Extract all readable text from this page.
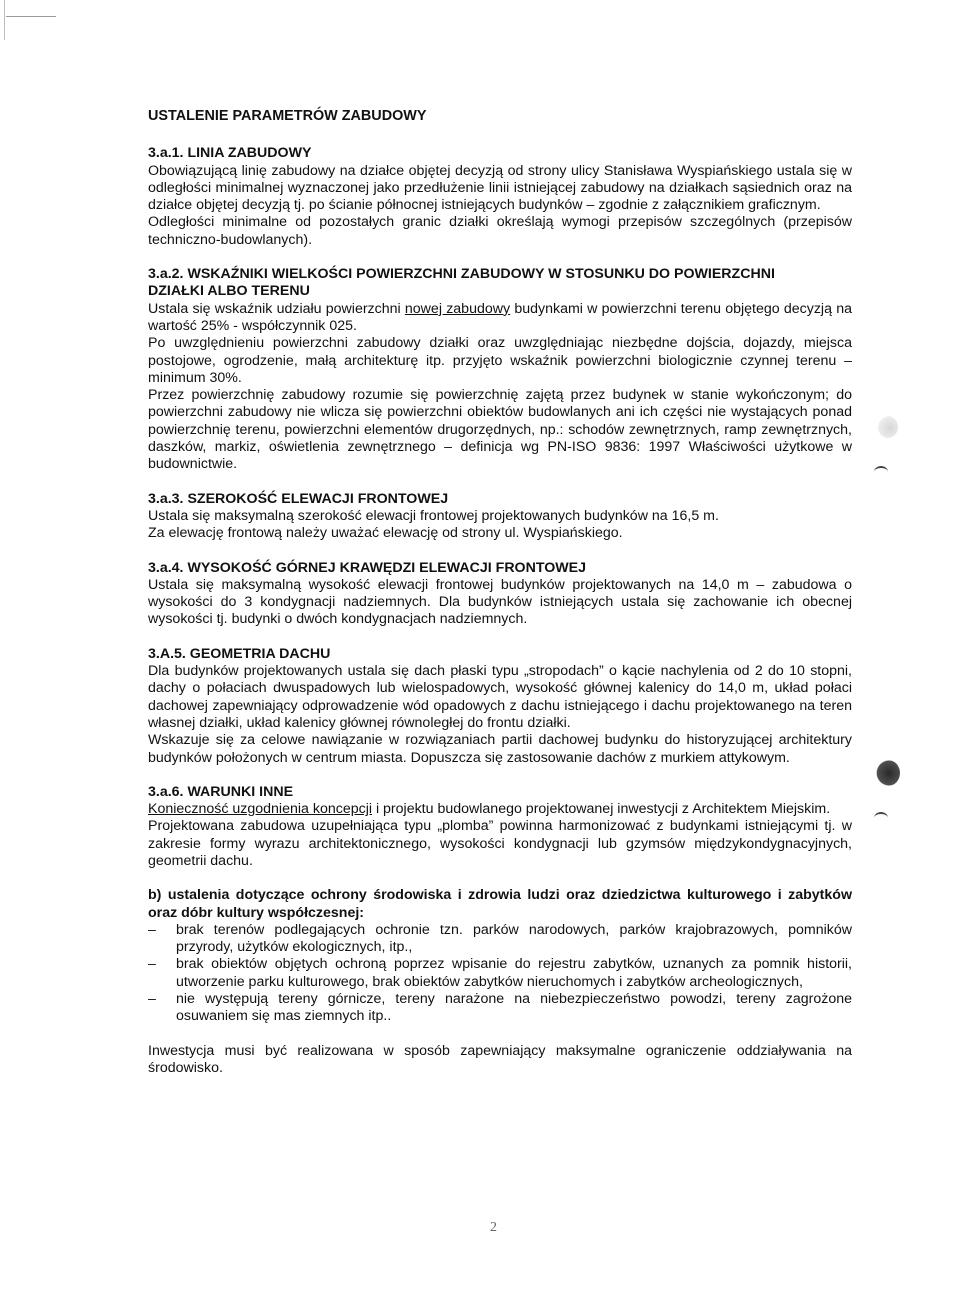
USTALENIE PARAMETRÓW ZABUDOWY

3.a.1. LINIA ZABUDOWY

Obowiązującą linię zabudowy na działce objętej decyzją od strony ulicy Stanisława Wyspiańskiego ustala się w odległości minimalnej wyznaczonej jako przedłużenie linii istniejącej zabudowy na działkach sąsiednich oraz na działce objętej decyzją tj. po ścianie północnej istniejących budynków – zgodnie z załącznikiem graficznym.

Odległości minimalne od pozostałych granic działki określają wymogi przepisów szczególnych (przepisów techniczno-budowlanych).

3.a.2. WSKAŹNIKI WIELKOŚCI POWIERZCHNI ZABUDOWY W STOSUNKU DO POWIERZCHNI

DZIAŁKI ALBO TERENU

Ustala się wskaźnik udziału powierzchni nowej zabudowy budynkami w powierzchni terenu objętego decyzją na wartość 25% - współczynnik 025.

Po uwzględnieniu powierzchni zabudowy działki oraz uwzględniając niezbędne dojścia, dojazdy, miejsca postojowe, ogrodzenie, małą architekturę itp. przyjęto wskaźnik powierzchni biologicznie czynnej terenu – minimum 30%.

Przez powierzchnię zabudowy rozumie się powierzchnię zajętą przez budynek w stanie wykończonym; do powierzchni zabudowy nie wlicza się powierzchni obiektów budowlanych ani ich części nie wystających ponad powierzchnię terenu, powierzchni elementów drugorzędnych, np.: schodów zewnętrznych, ramp zewnętrznych, daszków, markiz, oświetlenia zewnętrznego – definicja wg PN-ISO 9836: 1997 Właściwości użytkowe w budownictwie.

3.a.3. SZEROKOŚĆ ELEWACJI FRONTOWEJ

Ustala się maksymalną szerokość elewacji frontowej projektowanych budynków na 16,5 m.

Za elewację frontową należy uważać elewację od strony ul. Wyspiańskiego.

3.a.4. WYSOKOŚĆ GÓRNEJ KRAWĘDZI ELEWACJI FRONTOWEJ

Ustala się maksymalną wysokość elewacji frontowej budynków projektowanych na 14,0 m – zabudowa o wysokości do 3 kondygnacji nadziemnych. Dla budynków istniejących ustala się zachowanie ich obecnej wysokości tj. budynki o dwóch kondygnacjach nadziemnych.

3.A.5. GEOMETRIA DACHU

Dla budynków projektowanych ustala się dach płaski typu „stropodach” o kącie nachylenia od 2 do 10 stopni, dachy o połaciach dwuspadowych lub wielospadowych, wysokość głównej kalenicy do 14,0 m, układ połaci dachowej zapewniający odprowadzenie wód opadowych z dachu istniejącego i dachu projektowanego na teren własnej działki, układ kalenicy głównej równoległej do frontu działki.

Wskazuje się za celowe nawiązanie w rozwiązaniach partii dachowej budynku do historyzującej architektury budynków położonych w centrum miasta. Dopuszcza się zastosowanie dachów z murkiem attykowym.

3.a.6. WARUNKI INNE

Konieczność uzgodnienia koncepcji i projektu budowlanego projektowanej inwestycji z Architektem Miejskim.

Projektowana zabudowa uzupełniająca typu „plomba” powinna harmonizować z budynkami istniejącymi tj. w zakresie formy wyrazu architektonicznego, wysokości kondygnacji lub gzymsów międzykondygnacyjnych, geometrii dachu.

b) ustalenia dotyczące ochrony środowiska i zdrowia ludzi oraz dziedzictwa kulturowego i zabytków oraz dóbr kultury współczesnej:

– brak terenów podlegających ochronie tzn. parków narodowych, parków krajobrazowych, pomników przyrody, użytków ekologicznych, itp.,
– brak obiektów objętych ochroną poprzez wpisanie do rejestru zabytków, uznanych za pomnik historii, utworzenie parku kulturowego, brak obiektów zabytków nieruchomych i zabytków archeologicznych,
– nie występują tereny górnicze, tereny narażone na niebezpieczeństwo powodzi, tereny zagrożone osuwaniem się mas ziemnych itp..

Inwestycja musi być realizowana w sposób zapewniający maksymalne ograniczenie oddziaływania na środowisko.

2
